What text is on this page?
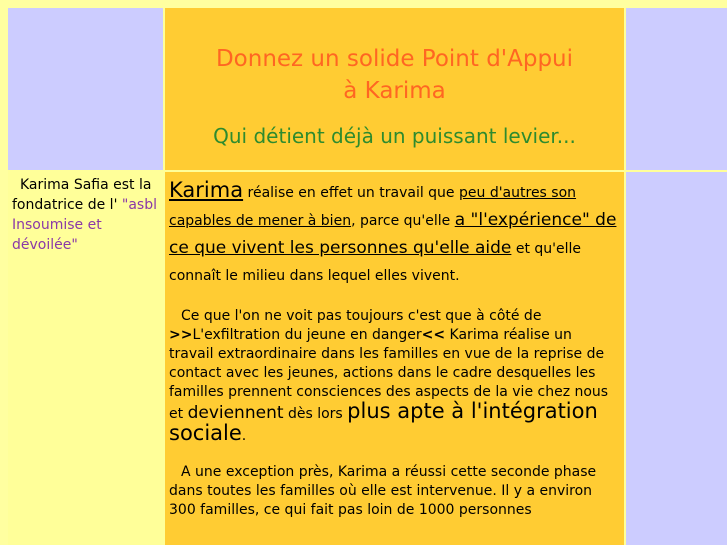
Donnez un solide Point d'Appui
à Karima
Qui détient déjà un puissant levier...
Karima Safia est la fondatrice de l' "asbl Insoumise et dévoilée"

Karima réalise en effet un travail que peu d'autres son capables de mener à bien, parce qu'elle a "l'expérience" de ce que vivent les personnes qu'elle aide et qu'elle connaît le milieu dans lequel elles vivent.

Ce que l'on ne voit pas toujours c'est que à côté de >>L'exfiltration du jeune en danger<< Karima réalise un travail extraordinaire dans les familles en vue de la reprise de contact avec les jeunes, actions dans le cadre desquelles les familles prennent consciences des aspects de la vie chez nous et deviennent dès lors plus apte à l'intégration sociale.

A une exception près, Karima a réussi cette seconde phase dans toutes les familles où elle est intervenue. Il y a environ 300 familles, ce qui fait pas loin de 1000 personnes
